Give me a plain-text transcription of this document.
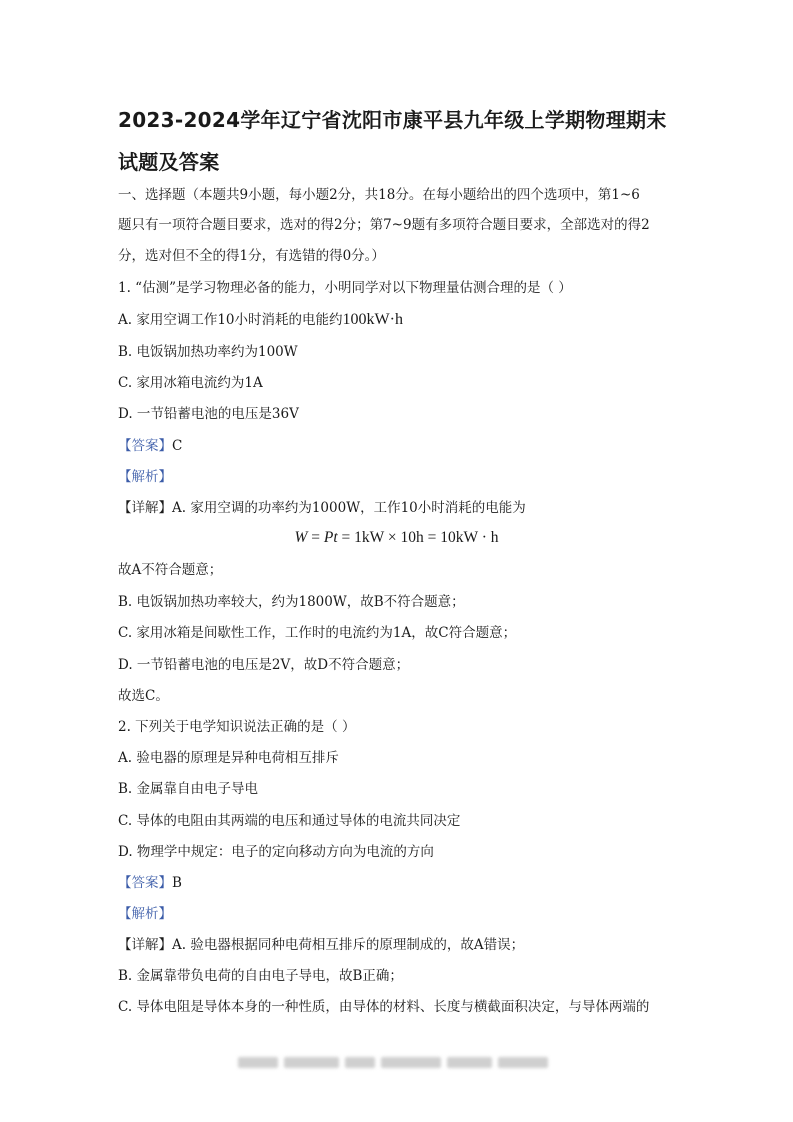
2023-2024学年辽宁省沈阳市康平县九年级上学期物理期末
试题及答案
一、选择题（本题共9小题，每小题2分，共18分。在每小题给出的四个选项中，第1~6
题只有一项符合题目要求，选对的得2分；第7~9题有多项符合题目要求，全部选对的得2
分，选对但不全的得1分，有选错的得0分。）
1. “估测”是学习物理必备的能力，小明同学对以下物理量估测合理的是（ ）
A. 家用空调工作10小时消耗的电能约100kW·h
B. 电饭锅加热功率约为100W
C. 家用冰箱电流约为1A
D. 一节铅蓄电池的电压是36V
【答案】C
【解析】
【详解】A. 家用空调的功率约为1000W，工作10小时消耗的电能为
W = Pt = 1kW × 10h = 10kW · h
故A不符合题意；
B. 电饭锅加热功率较大，约为1800W，故B不符合题意；
C. 家用冰箱是间歇性工作，工作时的电流约为1A，故C符合题意；
D. 一节铅蓄电池的电压是2V，故D不符合题意；
故选C。
2. 下列关于电学知识说法正确的是（ ）
A. 验电器的原理是异种电荷相互排斥
B. 金属靠自由电子导电
C. 导体的电阻由其两端的电压和通过导体的电流共同决定
D. 物理学中规定：电子的定向移动方向为电流的方向
【答案】B
【解析】
【详解】A. 验电器根据同种电荷相互排斥的原理制成的，故A错误；
B. 金属靠带负电荷的自由电子导电，故B正确；
C. 导体电阻是导体本身的一种性质，由导体的材料、长度与横截面积决定，与导体两端的
